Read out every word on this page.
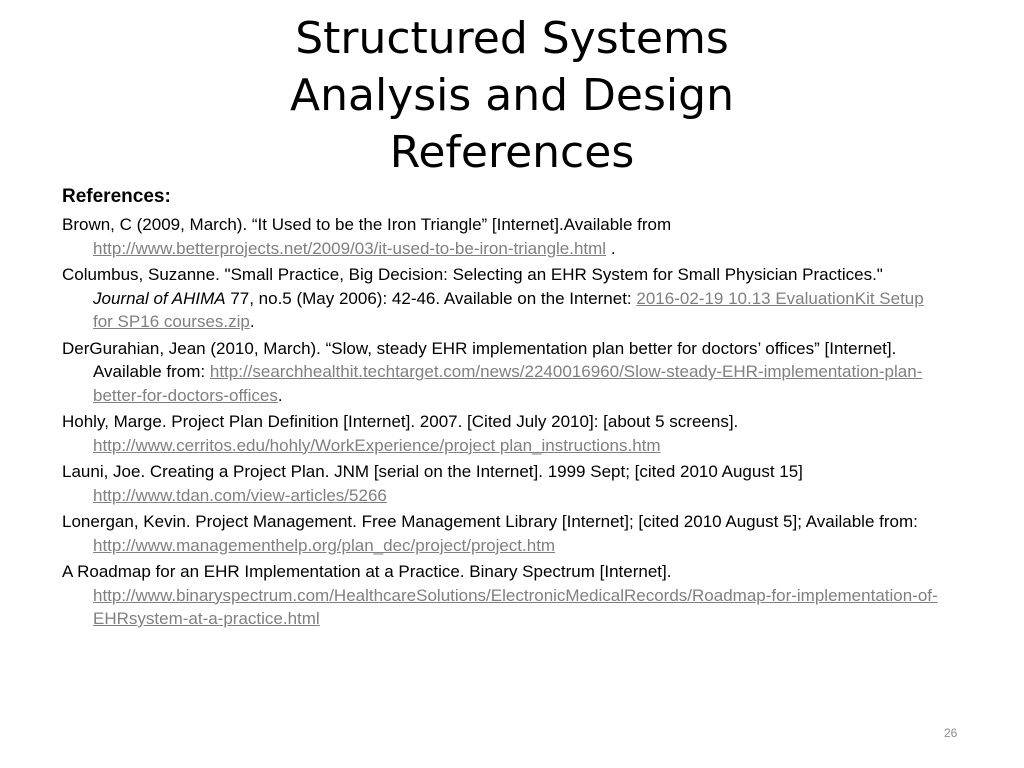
Structured Systems
Analysis and Design
References
References:
Brown, C (2009, March). “It Used to be the Iron Triangle” [Internet].Available from
http://www.betterprojects.net/2009/03/it-used-to-be-iron-triangle.html .
Columbus, Suzanne. "Small Practice, Big Decision: Selecting an EHR System for Small Physician Practices." Journal of AHIMA 77, no.5 (May 2006): 42-46. Available on the Internet: 2016-02-19 10.13 EvaluationKit Setup for SP16 courses.zip.
DerGurahian, Jean (2010, March). “Slow, steady EHR implementation plan better for doctors’ offices” [Internet]. Available from: http://searchhealthit.techtarget.com/news/2240016960/Slow-steady-EHR-implementation-plan-better-for-doctors-offices.
Hohly, Marge. Project Plan Definition [Internet]. 2007. [Cited July 2010]: [about 5 screens].
http://www.cerritos.edu/hohly/WorkExperience/project plan_instructions.htm
Launi, Joe. Creating a Project Plan. JNM [serial on the Internet]. 1999 Sept; [cited 2010 August 15]
http://www.tdan.com/view-articles/5266
Lonergan, Kevin. Project Management. Free Management Library [Internet]; [cited 2010 August 5]; Available from: http://www.managementhelp.org/plan_dec/project/project.htm
A Roadmap for an EHR Implementation at a Practice. Binary Spectrum [Internet].
http://www.binaryspectrum.com/HealthcareSolutions/ElectronicMedicalRecords/Roadmap-for-implementation-of-EHRsystem-at-a-practice.html
26
